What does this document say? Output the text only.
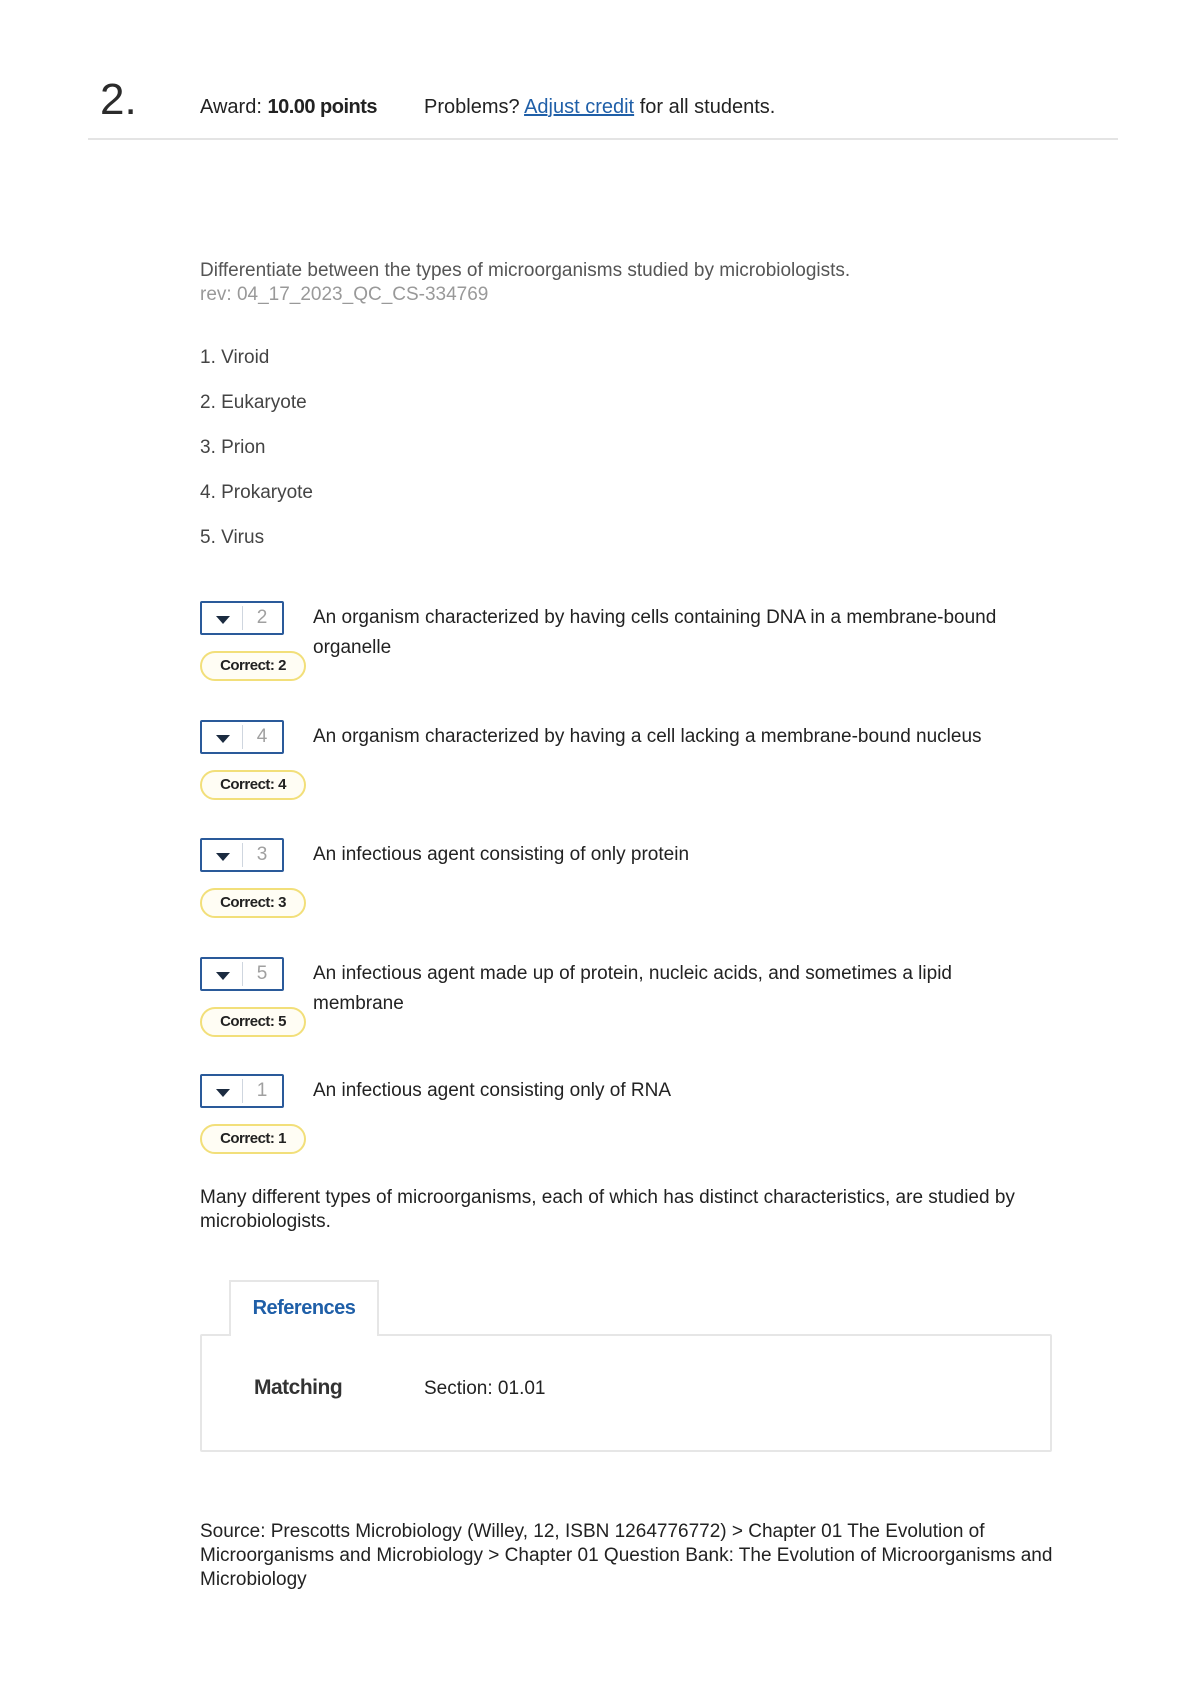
2.	Award: 10.00 points Problems? Adjust credit for all students.
Differentiate between the types of microorganisms studied by microbiologists.
rev: 04_17_2023_QC_CS-334769
1. Viroid
2. Eukaryote
3. Prion
4. Prokaryote
5. Virus
2
Correct: 2
An organism characterized by having cells containing DNA in a membrane-bound organelle
4
Correct: 4
An organism characterized by having a cell lacking a membrane-bound nucleus
3
Correct: 3
An infectious agent consisting of only protein
5
Correct: 5
An infectious agent made up of protein, nucleic acids, and sometimes a lipid membrane
1
Correct: 1
An infectious agent consisting only of RNA
Many different types of microorganisms, each of which has distinct characteristics, are studied by microbiologists.
References
Matching	Section: 01.01
Source: Prescotts Microbiology (Willey, 12, ISBN 1264776772) > Chapter 01 The Evolution of Microorganisms and Microbiology > Chapter 01 Question Bank: The Evolution of Microorganisms and Microbiology
